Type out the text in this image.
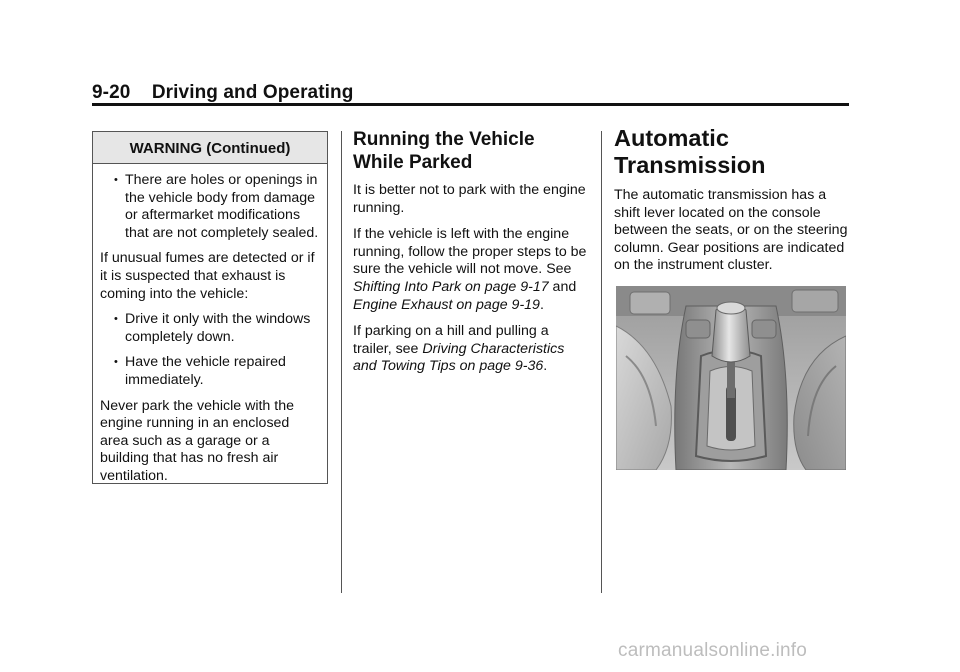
9-20 Driving and Operating
WARNING (Continued)
• There are holes or openings in the vehicle body from damage or aftermarket modifications that are not completely sealed.
If unusual fumes are detected or if it is suspected that exhaust is coming into the vehicle:
• Drive it only with the windows completely down.
• Have the vehicle repaired immediately.
Never park the vehicle with the engine running in an enclosed area such as a garage or a building that has no fresh air ventilation.
Running the Vehicle
While Parked

It is better not to park with the engine running.

If the vehicle is left with the engine running, follow the proper steps to be sure the vehicle will not move. See Shifting Into Park on page 9-17 and Engine Exhaust on page 9-19.

If parking on a hill and pulling a trailer, see Driving Characteristics and Towing Tips on page 9-36.

Automatic
Transmission

The automatic transmission has a shift lever located on the console between the seats, or on the steering column. Gear positions are indicated on the instrument cluster.

carmanualsonline.info
